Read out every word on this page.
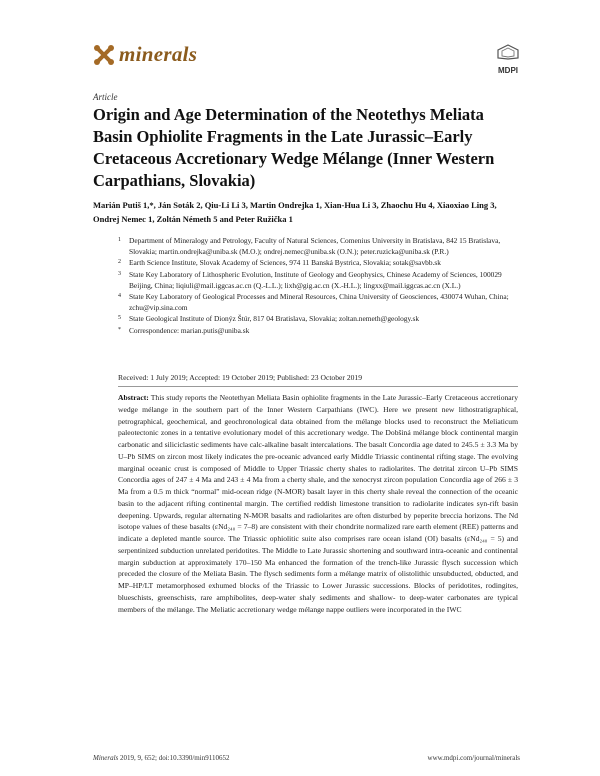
minerals
MDPI
Article
Origin and Age Determination of the Neotethys Meliata Basin Ophiolite Fragments in the Late Jurassic–Early Cretaceous Accretionary Wedge Mélange (Inner Western Carpathians, Slovakia)
Marián Putiš 1,*, Ján Soták 2, Qiu-Li Li 3, Martin Ondrejka 1, Xian-Hua Li 3, Zhaochu Hu 4, Xiaoxiao Ling 3, Ondrej Nemec 1, Zoltán Németh 5 and Peter Ružička 1

1 Department of Mineralogy and Petrology, Faculty of Natural Sciences, Comenius University in Bratislava, 842 15 Bratislava, Slovakia; martin.ondrejka@uniba.sk (M.O.); ondrej.nemec@uniba.sk (O.N.); peter.ruzicka@uniba.sk (P.R.)

2 Earth Science Institute, Slovak Academy of Sciences, 974 11 Banská Bystrica, Slovakia; sotak@savbb.sk

3 State Key Laboratory of Lithospheric Evolution, Institute of Geology and Geophysics, Chinese Academy of Sciences, 100029 Beijing, China; liqiuli@mail.iggcas.ac.cn (Q.-L.L.); lixh@gig.ac.cn (X.-H.L.); lingxx@mail.iggcas.ac.cn (X.L.)

4 State Key Laboratory of Geological Processes and Mineral Resources, China University of Geosciences, 430074 Wuhan, China; zchu@vip.sina.com

5 State Geological Institute of Dionýz Štúr, 817 04 Bratislava, Slovakia; zoltan.nemeth@geology.sk

* Correspondence: marian.putis@uniba.sk

Received: 1 July 2019; Accepted: 19 October 2019; Published: 23 October 2019

Abstract: This study reports the Neotethyan Meliata Basin ophiolite fragments in the Late Jurassic–Early Cretaceous accretionary wedge mélange in the southern part of the Inner Western Carpathians (IWC). Here we present new lithostratigraphical, petrographical, geochemical, and geochronological data obtained from the mélange blocks used to reconstruct the Meliaticum paleotectonic zones in a tentative evolutionary model of this accretionary wedge. The Dobšiná mélange block continental margin carbonatic and siliciclastic sediments have calc-alkaline basalt intercalations. The basalt Concordia age dated to 245.5 ± 3.3 Ma by U–Pb SIMS on zircon most likely indicates the pre-oceanic advanced early Middle Triassic continental rifting stage. The evolving marginal oceanic crust is composed of Middle to Upper Triassic cherty shales to radiolarites. The detrital zircon U–Pb SIMS Concordia ages of 247 ± 4 Ma and 243 ± 4 Ma from a cherty shale, and the xenocryst zircon population Concordia age of 266 ± 3 Ma from a 0.5 m thick “normal” mid-ocean ridge (N-MOR) basalt layer in this cherty shale reveal the connection of the oceanic basin to the adjacent rifting continental margin. The certified reddish limestone transition to radiolarite indicates syn-rift basin deepening. Upwards, regular alternating N-MOR basalts and radiolarites are often disturbed by peperite breccia horizons. The Nd isotope values of these basalts (εNd₂₄₀ = 7–8) are consistent with their chondrite normalized rare earth element (REE) patterns and indicate a depleted mantle source. The Triassic ophiolitic suite also comprises rare ocean island (OI) basalts (εNd₂₄₀ = 5) and serpentinized subduction unrelated peridotites. The Middle to Late Jurassic shortening and southward intra-oceanic and continental margin subduction at approximately 170–150 Ma enhanced the formation of the trench-like Jurassic flysch succession which preceded the closure of the Meliata Basin. The flysch sediments form a mélange matrix of olistolithic unsubducted, obducted, and MP–HP/LT metamorphosed exhumed blocks of the Triassic to Lower Jurassic successions. Blocks of peridotites, rodingites, blueschists, greenschists, rare amphibolites, deep-water shaly sediments and shallow- to deep-water carbonates are typical members of the mélange. The Meliatic accretionary wedge mélange nappe outliers were incorporated in the IWC

Minerals 2019, 9, 652; doi:10.3390/min9110652	www.mdpi.com/journal/minerals
